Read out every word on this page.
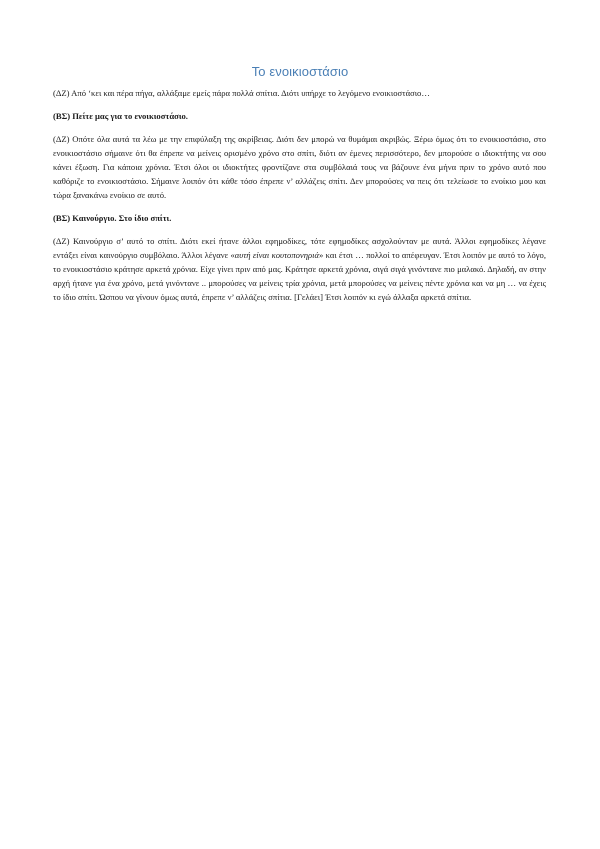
Το ενοικιοστάσιο

(ΔΖ) Από ‘κει και πέρα πήγα, αλλάξαμε εμείς πάρα πολλά σπίτια. Διότι υπήρχε το λεγόμενο ενοικιοστάσιο…

(ΒΣ) Πείτε μας για το ενοικιοστάσιο.

(ΔΖ) Οπότε όλα αυτά τα λέω με την επιφύλαξη της ακρίβειας. Διότι δεν μπορώ να θυμάμαι ακριβώς. Ξέρω όμως ότι το ενοικιοστάσιο, στο ενοικιοστάσιο σήμαινε ότι θα έπρεπε να μείνεις ορισμένο χρόνο στο σπίτι, διότι αν έμενες περισσότερο, δεν μπορούσε ο ιδιοκτήτης να σου κάνει έξωση. Για κάποια χρόνια. Έτσι όλοι οι ιδιοκτήτες φροντίζανε στα συμβόλαιά τους να βάζουνε ένα μήνα πριν το χρόνο αυτό που καθόριζε το ενοικιοστάσιο. Σήμαινε λοιπόν ότι κάθε τόσο έπρεπε ν’ αλλάζεις σπίτι. Δεν μπορούσες να πεις ότι τελείωσε το ενοίκιο μου και τώρα ξανακάνω ενοίκιο σε αυτό.

(ΒΣ) Καινούργιο. Στο ίδιο σπίτι.

(ΔΖ) Καινούργιο σ’ αυτό το σπίτι. Διότι εκεί ήτανε άλλοι εφημοδίκες, τότε εφημοδίκες ασχολούνταν με αυτά. Άλλοι εφημοδίκες λέγανε εντάξει είναι καινούργιο συμβόλαιο. Άλλοι λέγανε «αυτή είναι κουτοπονηριά» και έτσι … πολλοί το απέφευγαν. Έτσι λοιπόν με αυτό το λόγο, το ενοικιοστάσιο κράτησε αρκετά χρόνια. Είχε γίνει πριν από μας. Κράτησε αρκετά χρόνια, σιγά σιγά γινόντανε πιο μαλακό. Δηλαδή, αν στην αρχή ήτανε για ένα χρόνο, μετά γινόντανε .. μπορούσες να μείνεις τρία χρόνια, μετά μπορούσες να μείνεις πέντε χρόνια και να μη … να έχεις το ίδιο σπίτι. Ώσπου να γίνουν όμως αυτά, έπρεπε ν’ αλλάζεις σπίτια. [Γελάει] Έτσι λοιπόν κι εγώ άλλαξα αρκετά σπίτια.
